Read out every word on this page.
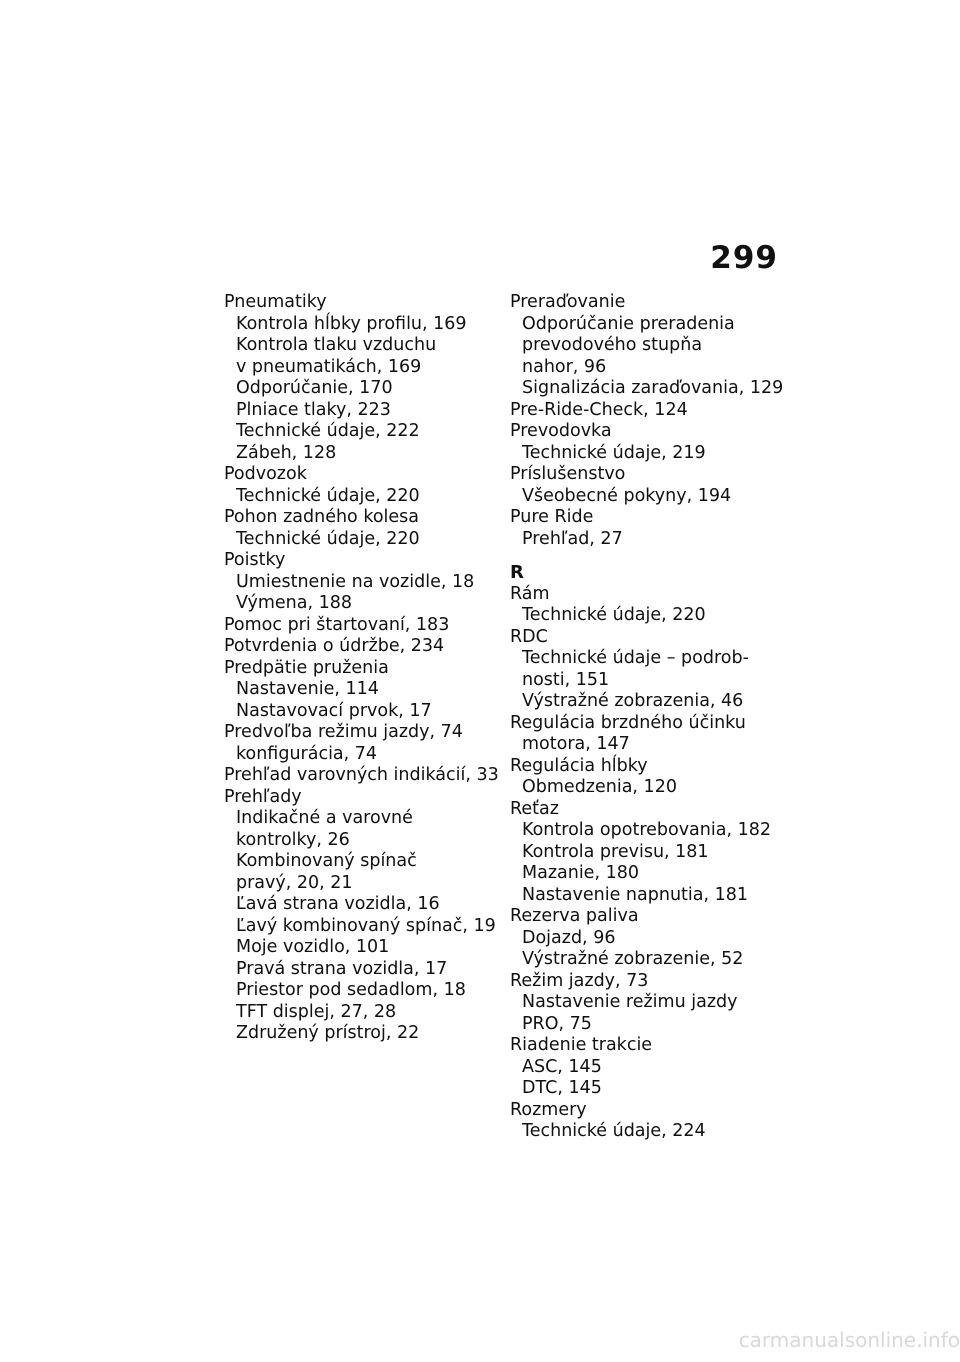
299
Pneumatiky
Kontrola hĺbky profilu, 169
Kontrola tlaku vzduchu
v pneumatikách, 169
Odporúčanie, 170
Plniace tlaky, 223
Technické údaje, 222
Zábeh, 128
Podvozok
Technické údaje, 220
Pohon zadného kolesa
Technické údaje, 220
Poistky
Umiestnenie na vozidle, 18
Výmena, 188
Pomoc pri štartovaní, 183
Potvrdenia o údržbe, 234
Predpätie pruženia
Nastavenie, 114
Nastavovací prvok, 17
Predvoľba režimu jazdy, 74
konfigurácia, 74
Prehľad varovných indikácií, 33
Prehľady
Indikačné a varovné
kontrolky, 26
Kombinovaný spínač
pravý, 20, 21
Ľavá strana vozidla, 16
Ľavý kombinovaný spínač, 19
Moje vozidlo, 101
Pravá strana vozidla, 17
Priestor pod sedadlom, 18
TFT displej, 27, 28
Združený prístroj, 22
Preraďovanie
Odporúčanie preradenia
prevodového stupňa
nahor, 96
Signalizácia zaraďovania, 129
Pre-Ride-Check, 124
Prevodovka
Technické údaje, 219
Príslušenstvo
Všeobecné pokyny, 194
Pure Ride
Prehľad, 27
R
Rám
Technické údaje, 220
RDC
Technické údaje – podrob-
nosti, 151
Výstražné zobrazenia, 46
Regulácia brzdného účinku
motora, 147
Regulácia hĺbky
Obmedzenia, 120
Reťaz
Kontrola opotrebovania, 182
Kontrola previsu, 181
Mazanie, 180
Nastavenie napnutia, 181
Rezerva paliva
Dojazd, 96
Výstražné zobrazenie, 52
Režim jazdy, 73
Nastavenie režimu jazdy
PRO, 75
Riadenie trakcie
ASC, 145
DTC, 145
Rozmery
Technické údaje, 224
carmanualsonline.info
